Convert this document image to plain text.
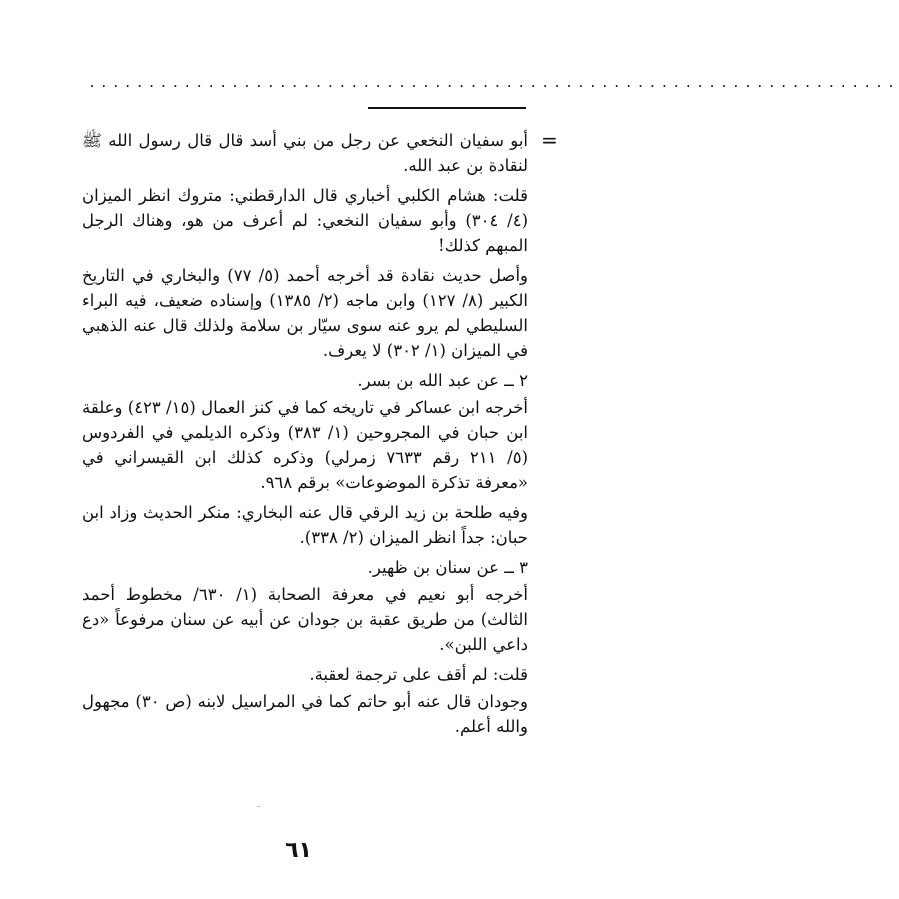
....................................................................
=

أبو سفيان النخعي عن رجل من بني أسد قال قال رسول الله ﷺ لنقادة بن عبد الله.

قلت: هشام الكلبي أخباري قال الدارقطني: متروك انظر الميزان (٤/ ٣٠٤) وأبو سفيان النخعي: لم أعرف من هو، وهناك الرجل المبهم كذلك!

وأصل حديث نقادة قد أخرجه أحمد (٥/ ٧٧) والبخاري في التاريخ الكبير (٨/ ١٢٧) وابن ماجه (٢/ ١٣٨٥) وإسناده ضعيف، فيه البراء السليطي لم يرو عنه سوى سيّار بن سلامة ولذلك قال عنه الذهبي في الميزان (١/ ٣٠٢) لا يعرف.

٢ ــ عن عبد الله بن بسر.

أخرجه ابن عساكر في تاريخه كما في كنز العمال (١٥/ ٤٢٣) وعلقة ابن حبان في المجروحين (١/ ٣٨٣) وذكره الديلمي في الفردوس (٥/ ٢١١ رقم ٧٦٣٣ زمرلي) وذكره كذلك ابن القيسراني في «معرفة تذكرة الموضوعات» برقم ٩٦٨.

وفيه طلحة بن زيد الرقي قال عنه البخاري: منكر الحديث وزاد ابن حبان: جداً انظر الميزان (٢/ ٣٣٨).

٣ ــ عن سنان بن ظهير.

أخرجه أبو نعيم في معرفة الصحابة (١/ ٦٣٠/ مخطوط أحمد الثالث) من طريق عقبة بن جودان عن أبيه عن سنان مرفوعاً «دع داعي اللبن».

قلت: لم أقف على ترجمة لعقبة.

وجودان قال عنه أبو حاتم كما في المراسيل لابنه (ص ٣٠) مجهول والله أعلم.

٦١
